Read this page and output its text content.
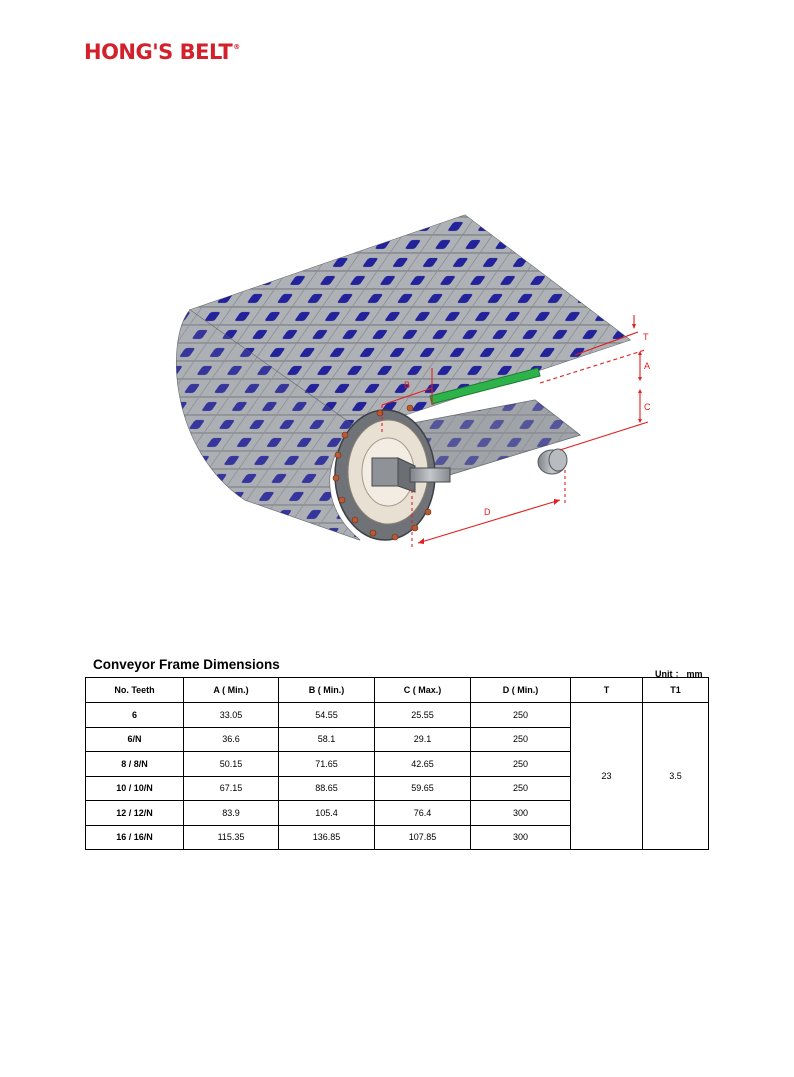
HONG'S BELT®
T
A
C
B
D
Conveyor Frame Dimensions
Unit ： mm
No. Teeth	A ( Min.)	B ( Min.)	C ( Max.)	D ( Min.)	T	T1
6	33.05	54.55	25.55	250	23	3.5
6/N	36.6	58.1	29.1	250		
8 / 8/N	50.15	71.65	42.65	250		
10 / 10/N	67.15	88.65	59.65	250		
12 / 12/N	83.9	105.4	76.4	300		
16 / 16/N	115.35	136.85	107.85	300		
